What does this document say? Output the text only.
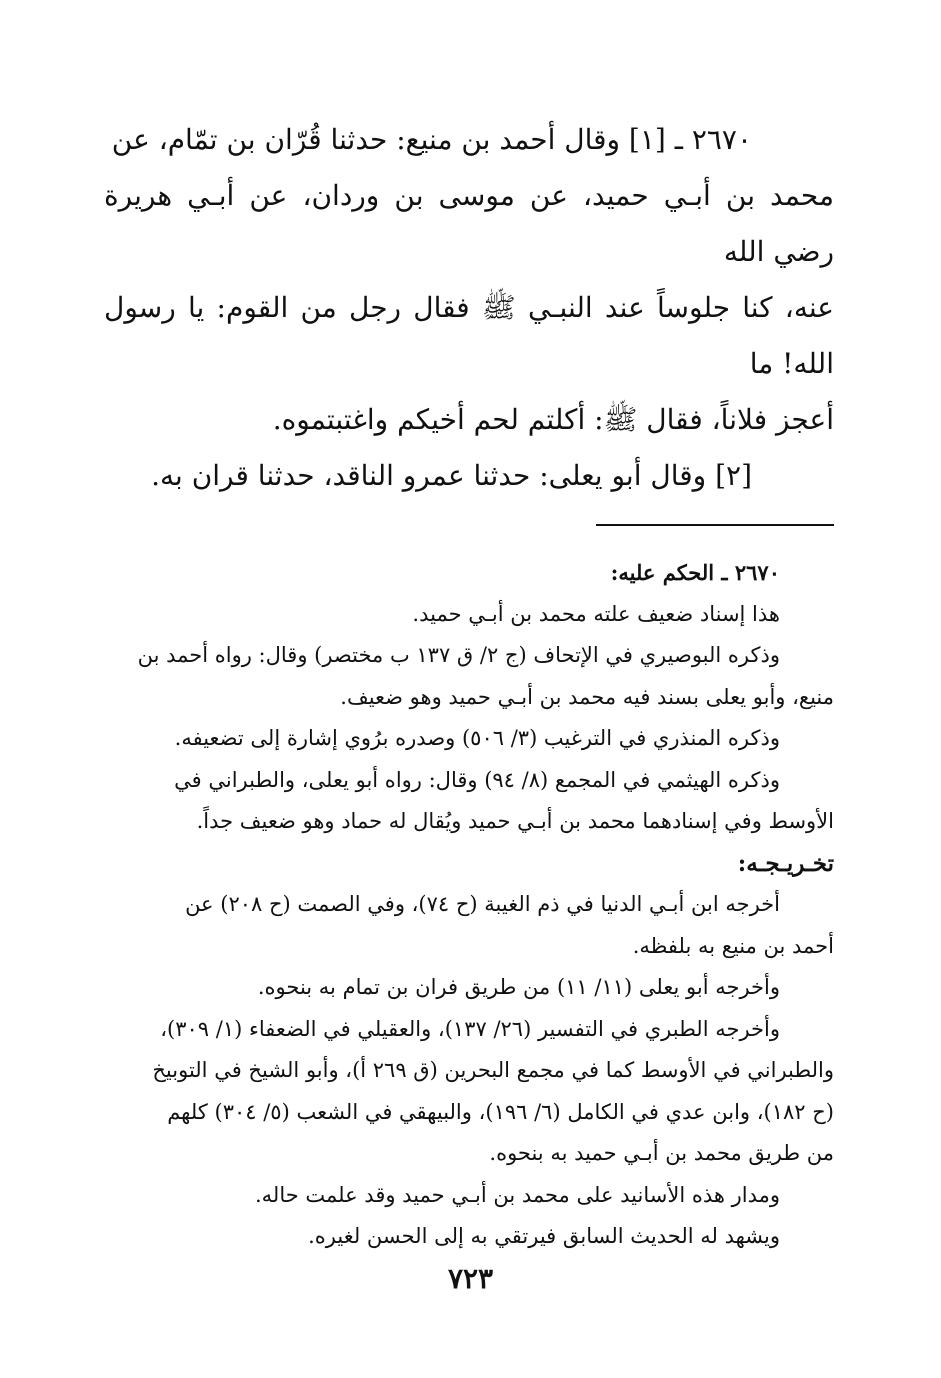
٢٦٧٠ ـ [١] وقال أحمد بن منيع: حدثنا قُرّان بن تمّام، عن

محمد بن أبـي حميد، عن موسى بن وردان، عن أبـي هريرة رضي الله

عنه، كنا جلوساً عند النبـي ﷺ فقال رجل من القوم: يا رسول الله! ما

أعجز فلاناً، فقال ﷺ: أكلتم لحم أخيكم واغتبتموه.

[٢] وقال أبو يعلى: حدثنا عمرو الناقد، حدثنا قران به.

٢٦٧٠ ـ الحكم عليه:

هذا إسناد ضعيف علته محمد بن أبـي حميد.

وذكره البوصيري في الإتحاف (ج ٢/ ق ١٣٧ ب مختصر) وقال: رواه أحمد بن

منيع، وأبو يعلى بسند فيه محمد بن أبـي حميد وهو ضعيف.

وذكره المنذري في الترغيب (٣/ ٥٠٦) وصدره برُوي إشارة إلى تضعيفه.

وذكره الهيثمي في المجمع (٨/ ٩٤) وقال: رواه أبو يعلى، والطبراني في

الأوسط وفي إسنادهما محمد بن أبـي حميد ويُقال له حماد وهو ضعيف جداً.

تخـريـجـه:

أخرجه ابن أبـي الدنيا في ذم الغيبة (ح ٧٤)، وفي الصمت (ح ٢٠٨) عن

أحمد بن منيع به بلفظه.

وأخرجه أبو يعلى (١١/ ١١) من طريق فران بن تمام به بنحوه.

وأخرجه الطبري في التفسير (٢٦/ ١٣٧)، والعقيلي في الضعفاء (١/ ٣٠٩)،

والطبراني في الأوسط كما في مجمع البحرين (ق ٢٦٩ أ)، وأبو الشيخ في التوبيخ

(ح ١٨٢)، وابن عدي في الكامل (٦/ ١٩٦)، والبيهقي في الشعب (٥/ ٣٠٤) كلهم

من طريق محمد بن أبـي حميد به بنحوه.

ومدار هذه الأسانيد على محمد بن أبـي حميد وقد علمت حاله.

ويشهد له الحديث السابق فيرتقي به إلى الحسن لغيره.

٧٢٣
